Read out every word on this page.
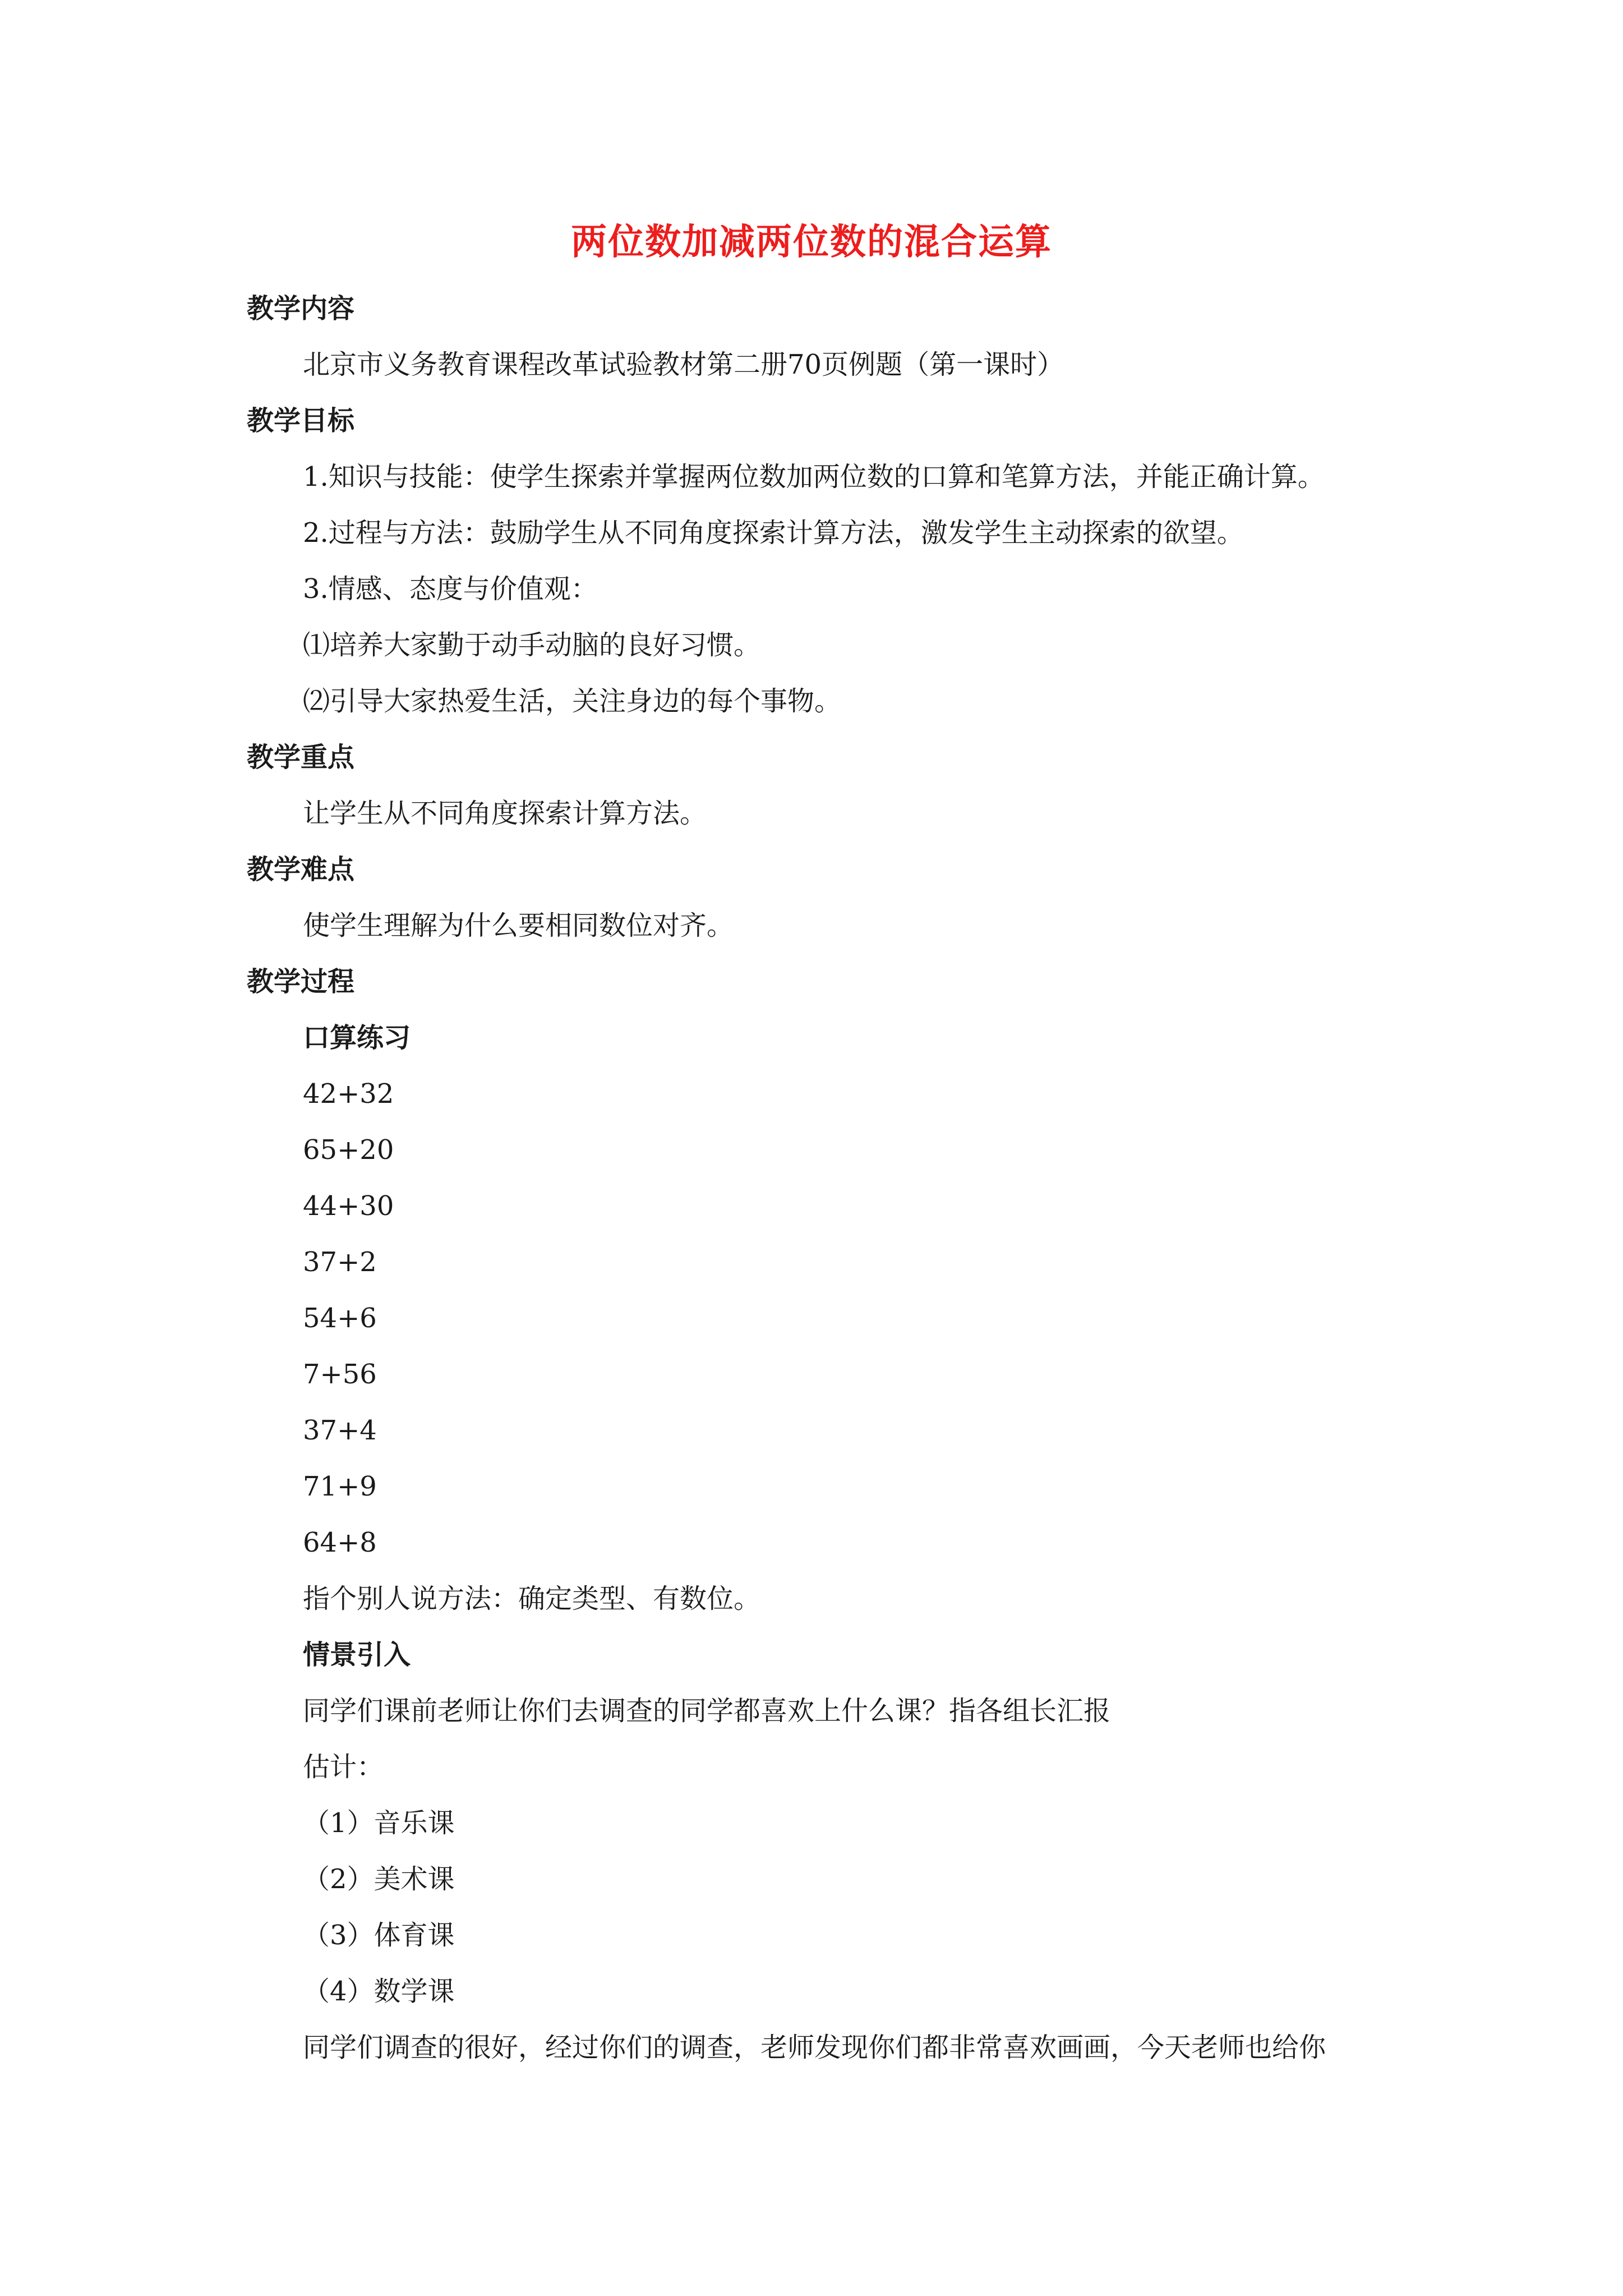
两位数加减两位数的混合运算
教学内容
北京市义务教育课程改革试验教材第二册70页例题（第一课时）
教学目标
1.知识与技能：使学生探索并掌握两位数加两位数的口算和笔算方法，并能正确计算。
2.过程与方法：鼓励学生从不同角度探索计算方法，激发学生主动探索的欲望。
3.情感、态度与价值观：
⑴培养大家勤于动手动脑的良好习惯。
⑵引导大家热爱生活，关注身边的每个事物。
教学重点
让学生从不同角度探索计算方法。
教学难点
使学生理解为什么要相同数位对齐。
教学过程
口算练习
42+32
65+20
44+30
37+2
54+6
7+56
37+4
71+9
64+8
指个别人说方法：确定类型、有数位。
情景引入
同学们课前老师让你们去调查的同学都喜欢上什么课？指各组长汇报
估计：
（1）音乐课
（2）美术课
（3）体育课
（4）数学课
同学们调查的很好，经过你们的调查，老师发现你们都非常喜欢画画，今天老师也给你
